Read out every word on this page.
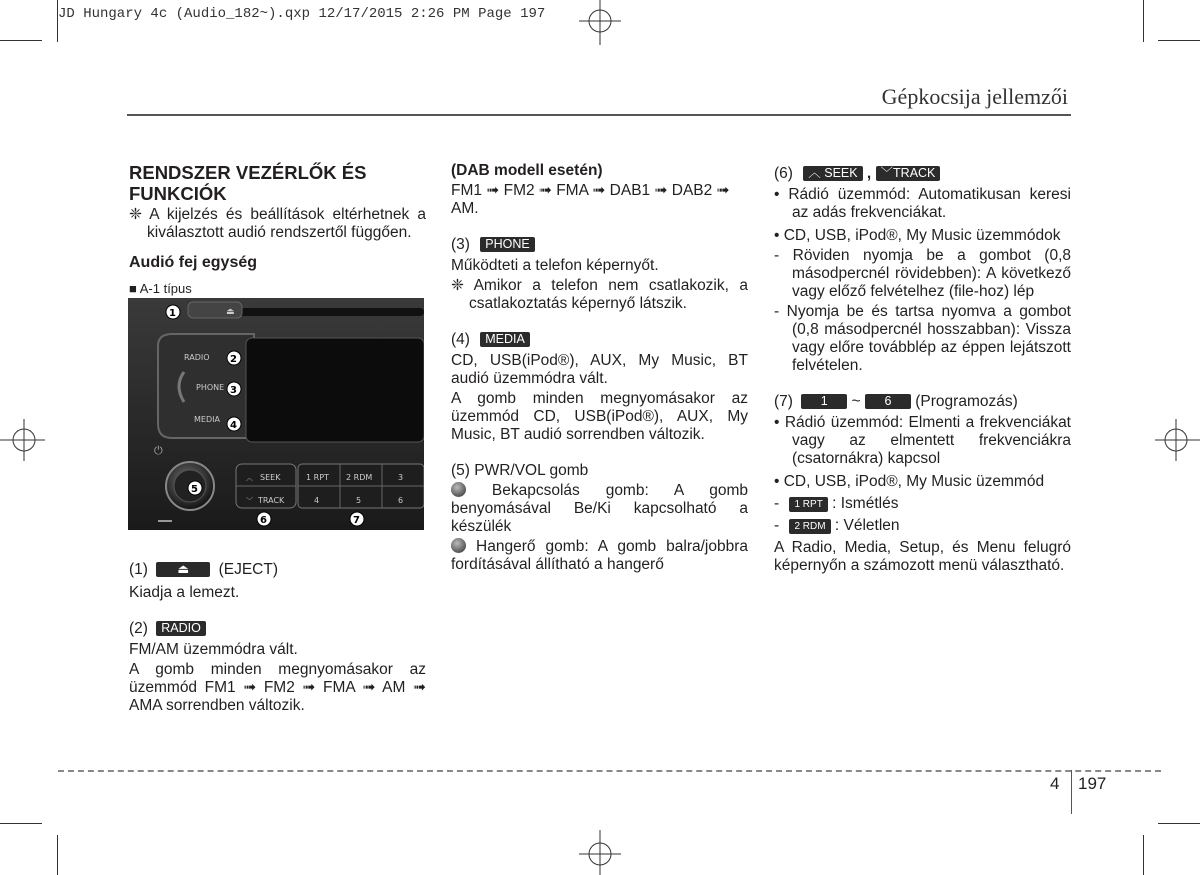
JD Hungary 4c (Audio_182~).qxp 12/17/2015 2:26 PM Page 197
Gépkocsija jellemzői

RENDSZER VEZÉRLŐK ÉS

FUNKCIÓK

❈ A kijelzés és beállítások eltérhetnek a kiválasztott audió rendszertől függően.

Audió fej egység

■ A-1 típus

⏏
RADIO
PHONE
MEDIA
⏻
︿ SEEK
﹀ TRACK
1 RPT 2 RDM	3
4	5	6
1
2
3
4
5
6	7

(1) ⏏ (EJECT)

Kiadja a lemezt.

(2) RADIO

FM/AM üzemmódra vált.

A gomb minden megnyomásakor az üzemmód FM1 ➟ FM2 ➟ FMA ➟ AM ➟ AMA sorrendben változik.

(DAB modell esetén)

FM1 ➟ FM2 ➟ FMA ➟ DAB1 ➟ DAB2 ➟ AM.

(3) PHONE

Működteti a telefon képernyőt.

❈ Amikor a telefon nem csatlakozik, a csatlakoztatás képernyő látszik.

(4) MEDIA

CD, USB(iPod®), AUX, My Music, BT audió üzemmódra vált.

A gomb minden megnyomásakor az üzemmód CD, USB(iPod®), AUX, My Music, BT audió sorrendben változik.

(5) PWR/VOL gomb

Bekapcsolás gomb: A gomb benyomásával Be/Ki kapcsolható a készülék

Hangerő gomb: A gomb balra/jobbra fordításával állítható a hangerő

(6) ︿ SEEK , ﹀TRACK

• Rádió üzemmód: Automatikusan keresi az adás frekvenciákat.

• CD, USB, iPod®, My Music üzemmódok

- Röviden nyomja be a gombot (0,8 másodpercnél rövidebben): A következő vagy előző felvételhez (file-hoz) lép

- Nyomja be és tartsa nyomva a gombot (0,8 másodpercnél hosszabban): Vissza vagy előre továbblép az éppen lejátszott felvételen.

(7) 1 ~ 6 (Programozás)

• Rádió üzemmód: Elmenti a frekvenciákat vagy az elmentett frekvenciákra (csatornákra) kapcsol

• CD, USB, iPod®, My Music üzemmód

- 1 RPT : Ismétlés

- 2 RDM : Véletlen

A Radio, Media, Setup, és Menu felugró képernyőn a számozott menü választható.

4 197
